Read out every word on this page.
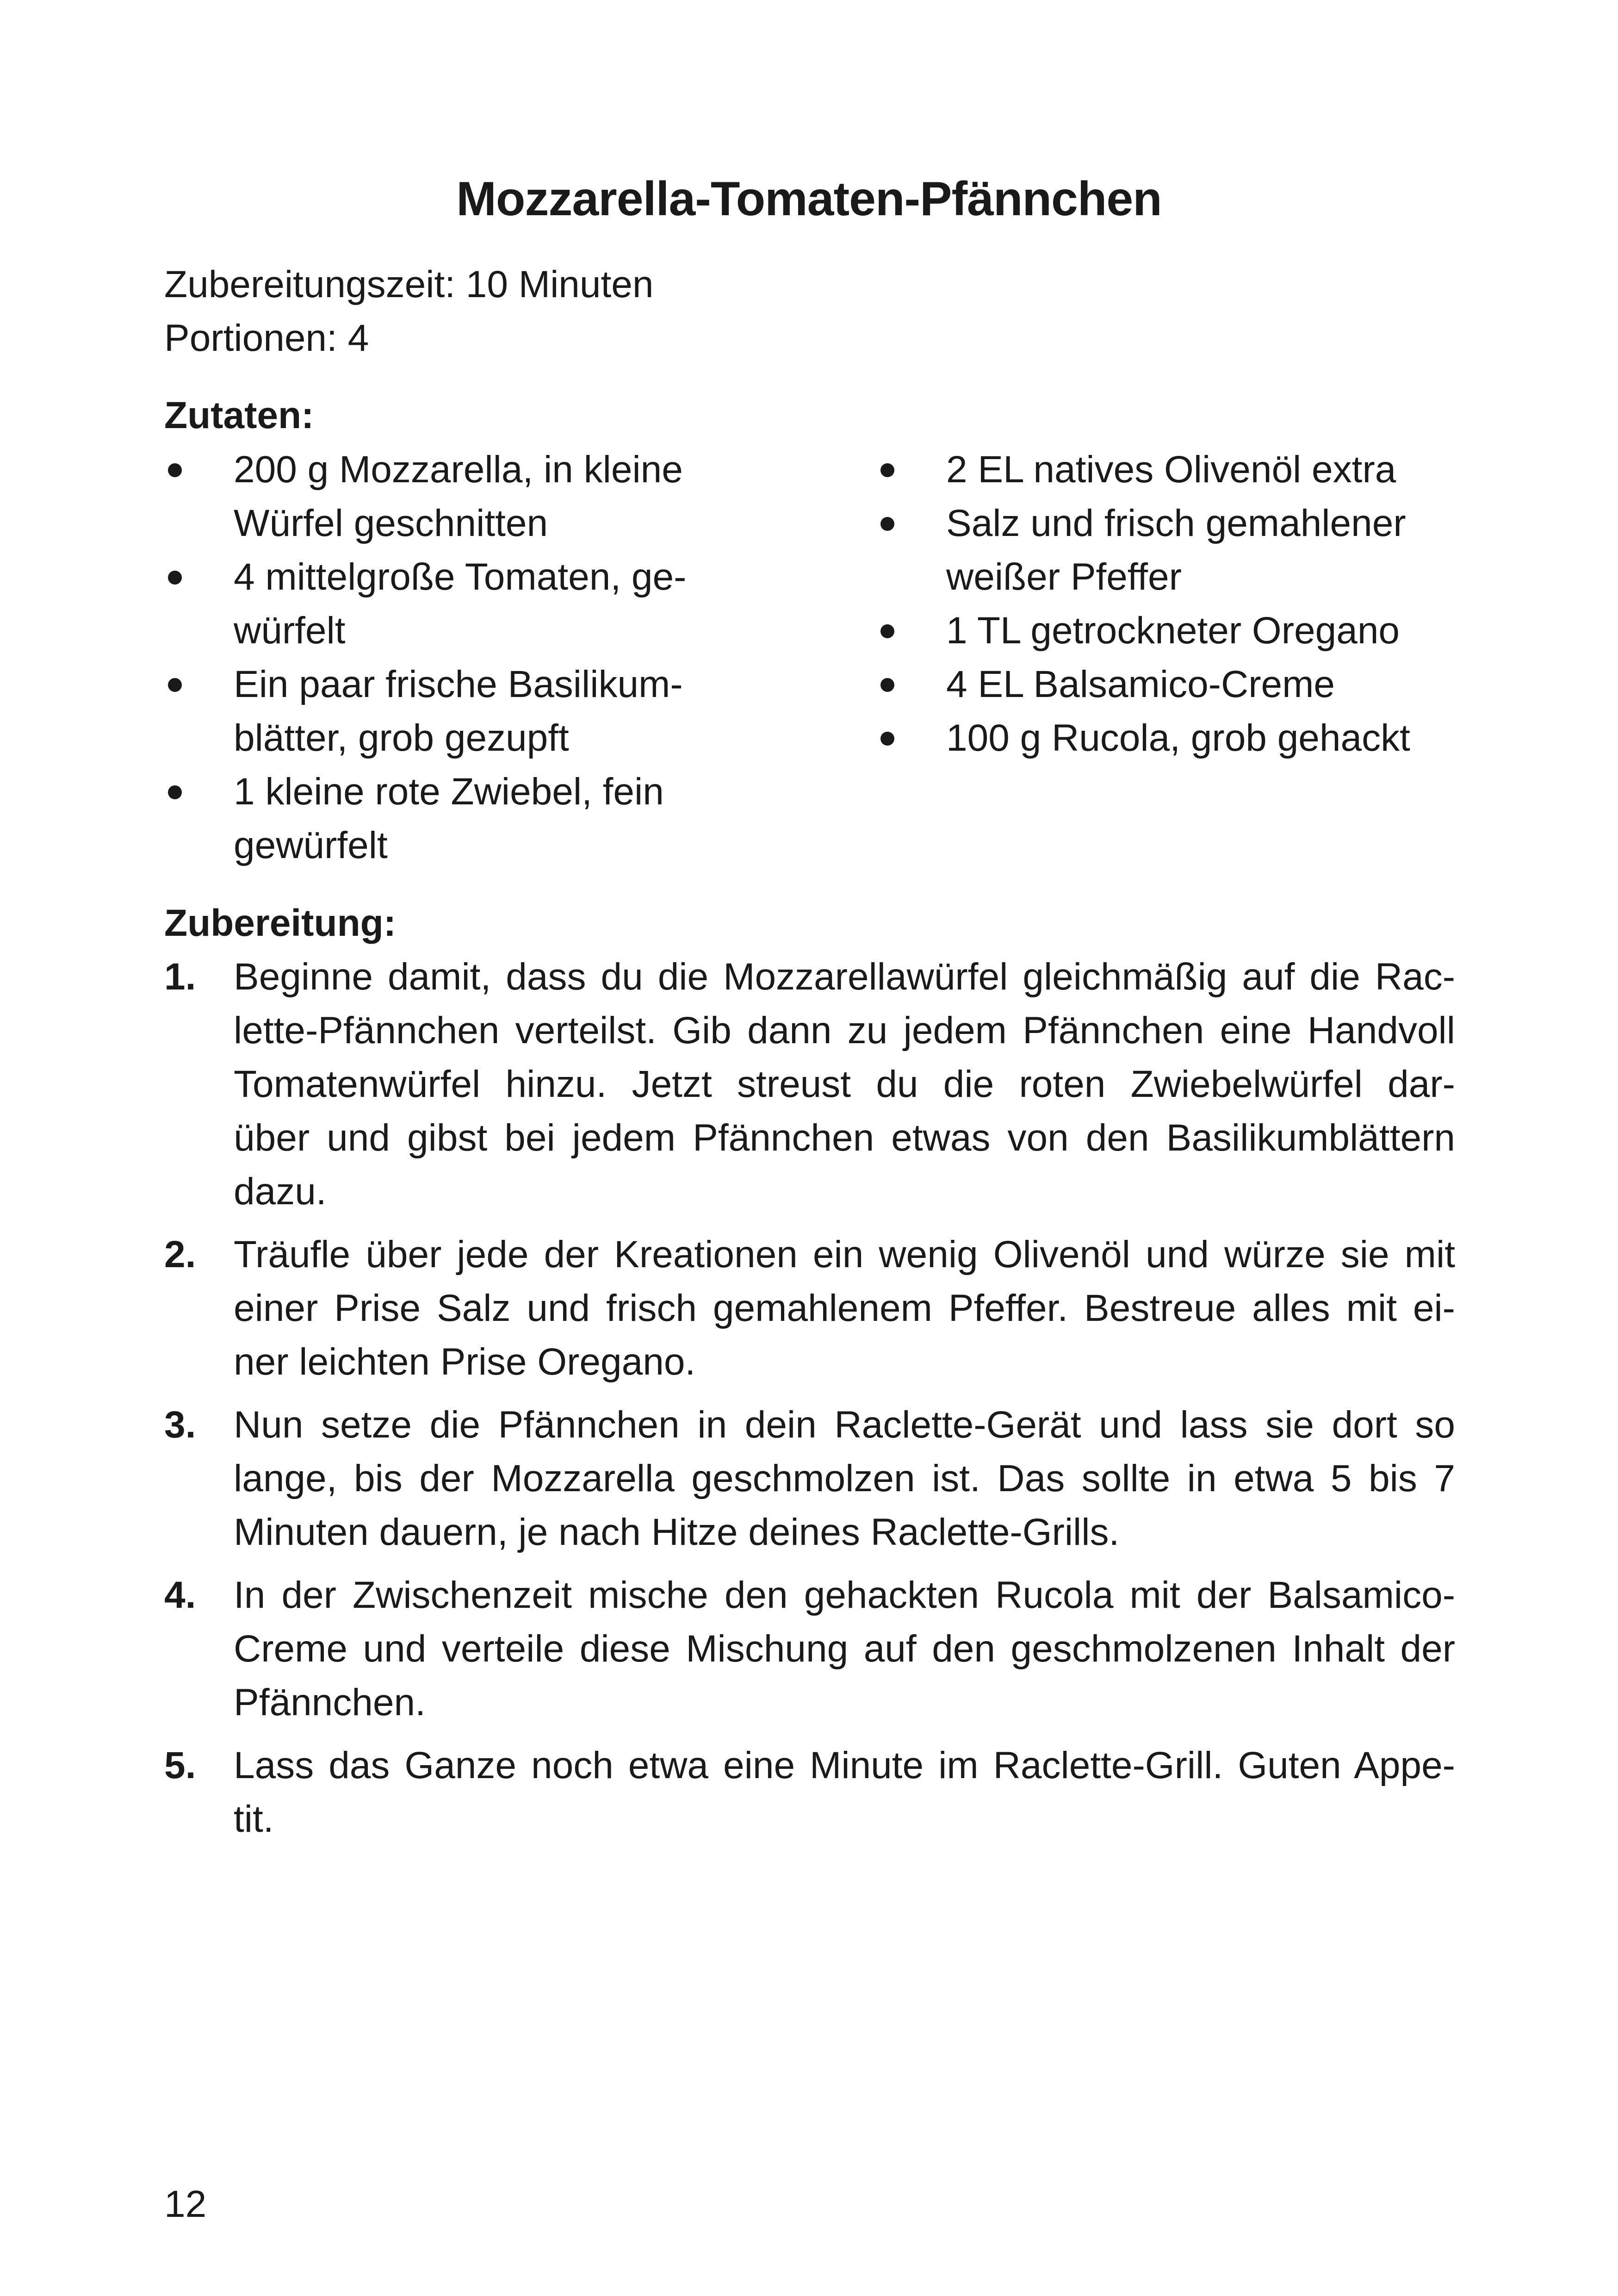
Mozzarella-Tomaten-Pfännchen
Zubereitungszeit: 10 Minuten
Portionen: 4
Zutaten:
200 g Mozzarella, in kleine
Würfel geschnitten
4 mittelgroße Tomaten, ge-
würfelt
Ein paar frische Basilikum-
blätter, grob gezupft
1 kleine rote Zwiebel, fein
gewürfelt
2 EL natives Olivenöl extra
Salz und frisch gemahlener
weißer Pfeffer
1 TL getrockneter Oregano
4 EL Balsamico-Creme
100 g Rucola, grob gehackt
Zubereitung:
1. Beginne damit, dass du die Mozzarellawürfel gleichmäßig auf die Rac-
lette-Pfännchen verteilst. Gib dann zu jedem Pfännchen eine Handvoll
Tomatenwürfel hinzu. Jetzt streust du die roten Zwiebelwürfel dar-
über und gibst bei jedem Pfännchen etwas von den Basilikumblättern
dazu.
2. Träufle über jede der Kreationen ein wenig Olivenöl und würze sie mit
einer Prise Salz und frisch gemahlenem Pfeffer. Bestreue alles mit ei-
ner leichten Prise Oregano.
3. Nun setze die Pfännchen in dein Raclette-Gerät und lass sie dort so
lange, bis der Mozzarella geschmolzen ist. Das sollte in etwa 5 bis 7
Minuten dauern, je nach Hitze deines Raclette-Grills.
4. In der Zwischenzeit mische den gehackten Rucola mit der Balsamico-
Creme und verteile diese Mischung auf den geschmolzenen Inhalt der
Pfännchen.
5. Lass das Ganze noch etwa eine Minute im Raclette-Grill. Guten Appe-
tit.
12
